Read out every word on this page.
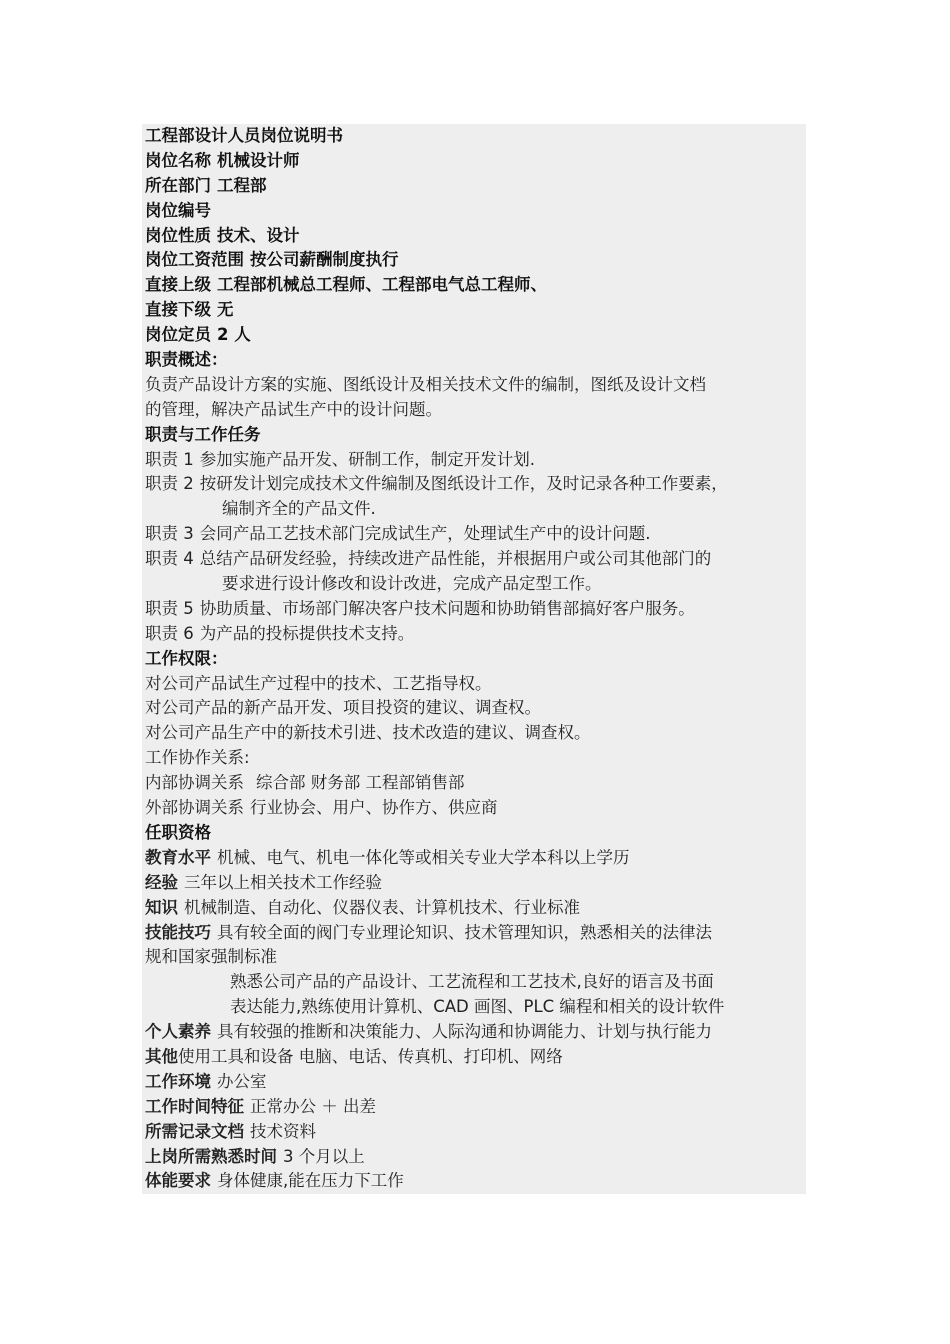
工程部设计人员岗位说明书
岗位名称 机械设计师
所在部门 工程部
岗位编号
岗位性质 技术、设计
岗位工资范围 按公司薪酬制度执行
直接上级 工程部机械总工程师、工程部电气总工程师、
直接下级 无
岗位定员 2 人
职责概述：
负责产品设计方案的实施、图纸设计及相关技术文件的编制，图纸及设计文档
的管理，解决产品试生产中的设计问题。
职责与工作任务
职责 1 参加实施产品开发、研制工作，制定开发计划.
职责 2 按研发计划完成技术文件编制及图纸设计工作，及时记录各种工作要素，
编制齐全的产品文件.
职责 3 会同产品工艺技术部门完成试生产，处理试生产中的设计问题.
职责 4 总结产品研发经验，持续改进产品性能，并根据用户或公司其他部门的
要求进行设计修改和设计改进，完成产品定型工作。
职责 5 协助质量、市场部门解决客户技术问题和协助销售部搞好客户服务。
职责 6 为产品的投标提供技术支持。
工作权限：
对公司产品试生产过程中的技术、工艺指导权。
对公司产品的新产品开发、项目投资的建议、调查权。
对公司产品生产中的新技术引进、技术改造的建议、调查权。
工作协作关系:
内部协调关系 综合部 财务部 工程部销售部
外部协调关系 行业协会、用户、协作方、供应商
任职资格
教育水平 机械、电气、机电一体化等或相关专业大学本科以上学历
经验 三年以上相关技术工作经验
知识 机械制造、自动化、仪器仪表、计算机技术、行业标准
技能技巧 具有较全面的阀门专业理论知识、技术管理知识，熟悉相关的法律法
规和国家强制标准
熟悉公司产品的产品设计、工艺流程和工艺技术,良好的语言及书面
表达能力,熟练使用计算机、CAD 画图、PLC 编程和相关的设计软件
个人素养 具有较强的推断和决策能力、人际沟通和协调能力、计划与执行能力
其他使用工具和设备 电脑、电话、传真机、打印机、网络
工作环境 办公室
工作时间特征 正常办公 ＋ 出差
所需记录文档 技术资料
上岗所需熟悉时间 3 个月以上
体能要求 身体健康,能在压力下工作
